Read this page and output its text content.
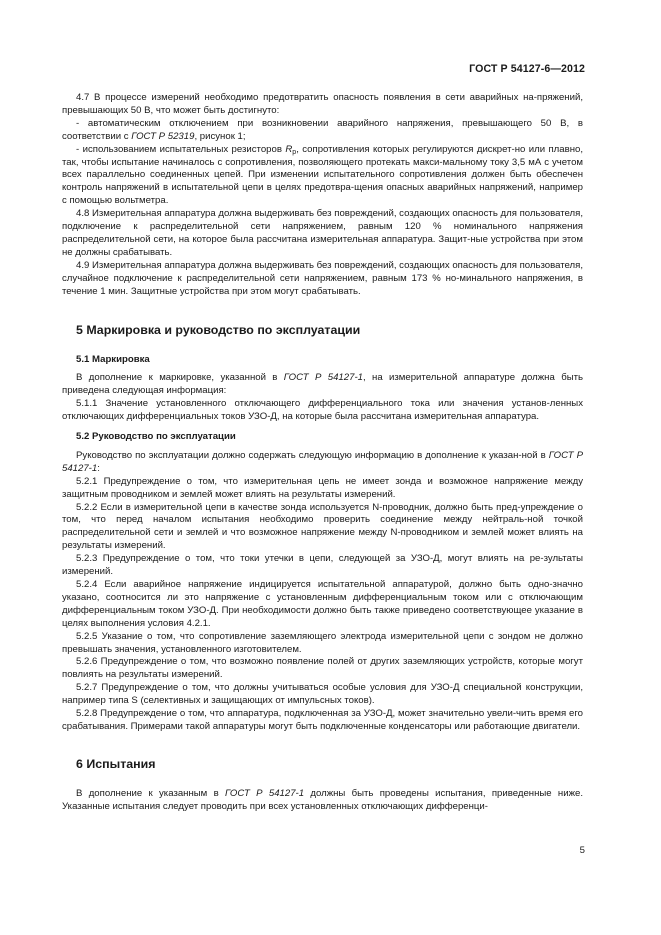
ГОСТ Р 54127-6—2012

4.7 В процессе измерений необходимо предотвратить опасность появления в сети аварийных на-пряжений, превышающих 50 В, что может быть достигнуто:

- автоматическим отключением при возникновении аварийного напряжения, превышающего 50 В, в соответствии с ГОСТ Р 52319, рисунок 1;

- использованием испытательных резисторов $R_p$, сопротивления которых регулируются дискрет-но или плавно, так, чтобы испытание начиналось с сопротивления, позволяющего протекать макси-мальному току 3,5 мА с учетом всех параллельно соединенных цепей. При изменении испытательного сопротивления должен быть обеспечен контроль напряжений в испытательной цепи в целях предотвра-щения опасных аварийных напряжений, например с помощью вольтметра.

4.8 Измерительная аппаратура должна выдерживать без повреждений, создающих опасность для пользователя, подключение к распределительной сети напряжением, равным 120 % номинального напряжения распределительной сети, на которое была рассчитана измерительная аппаратура. Защит-ные устройства при этом не должны срабатывать.

4.9 Измерительная аппаратура должна выдерживать без повреждений, создающих опасность для пользователя, случайное подключение к распределительной сети напряжением, равным 173 % но-минального напряжения, в течение 1 мин. Защитные устройства при этом могут срабатывать.

5 Маркировка и руководство по эксплуатации
5.1 Маркировка

В дополнение к маркировке, указанной в ГОСТ Р 54127-1, на измерительной аппаратуре должна быть приведена следующая информация:

5.1.1 Значение установленного отключающего дифференциального тока или значения установ-ленных отключающих дифференциальных токов УЗО-Д, на которые была рассчитана измерительная аппаратура.

5.2 Руководство по эксплуатации

Руководство по эксплуатации должно содержать следующую информацию в дополнение к указан-ной в ГОСТ Р 54127-1:

5.2.1 Предупреждение о том, что измерительная цепь не имеет зонда и возможное напряжение между защитным проводником и землей может влиять на результаты измерений.

5.2.2 Если в измерительной цепи в качестве зонда используется N-проводник, должно быть пред-упреждение о том, что перед началом испытания необходимо проверить соединение между нейтраль-ной точкой распределительной сети и землей и что возможное напряжение между N-проводником и землей может влиять на результаты измерений.

5.2.3 Предупреждение о том, что токи утечки в цепи, следующей за УЗО-Д, могут влиять на ре-зультаты измерений.

5.2.4 Если аварийное напряжение индицируется испытательной аппаратурой, должно быть одно-значно указано, соотносится ли это напряжение с установленным дифференциальным током или с отключающим дифференциальным током УЗО-Д. При необходимости должно быть также приведено соответствующее указание в целях выполнения условия 4.2.1.

5.2.5 Указание о том, что сопротивление заземляющего электрода измерительной цепи с зондом не должно превышать значения, установленного изготовителем.

5.2.6 Предупреждение о том, что возможно появление полей от других заземляющих устройств, которые могут повлиять на результаты измерений.

5.2.7 Предупреждение о том, что должны учитываться особые условия для УЗО-Д специальной конструкции, например типа S (селективных и защищающих от импульсных токов).

5.2.8 Предупреждение о том, что аппаратура, подключенная за УЗО-Д, может значительно увели-чить время его срабатывания. Примерами такой аппаратуры могут быть подключенные конденсаторы или работающие двигатели.

6 Испытания

В дополнение к указанным в ГОСТ Р 54127-1 должны быть проведены испытания, приведенные ниже. Указанные испытания следует проводить при всех установленных отключающих дифференци-

5
